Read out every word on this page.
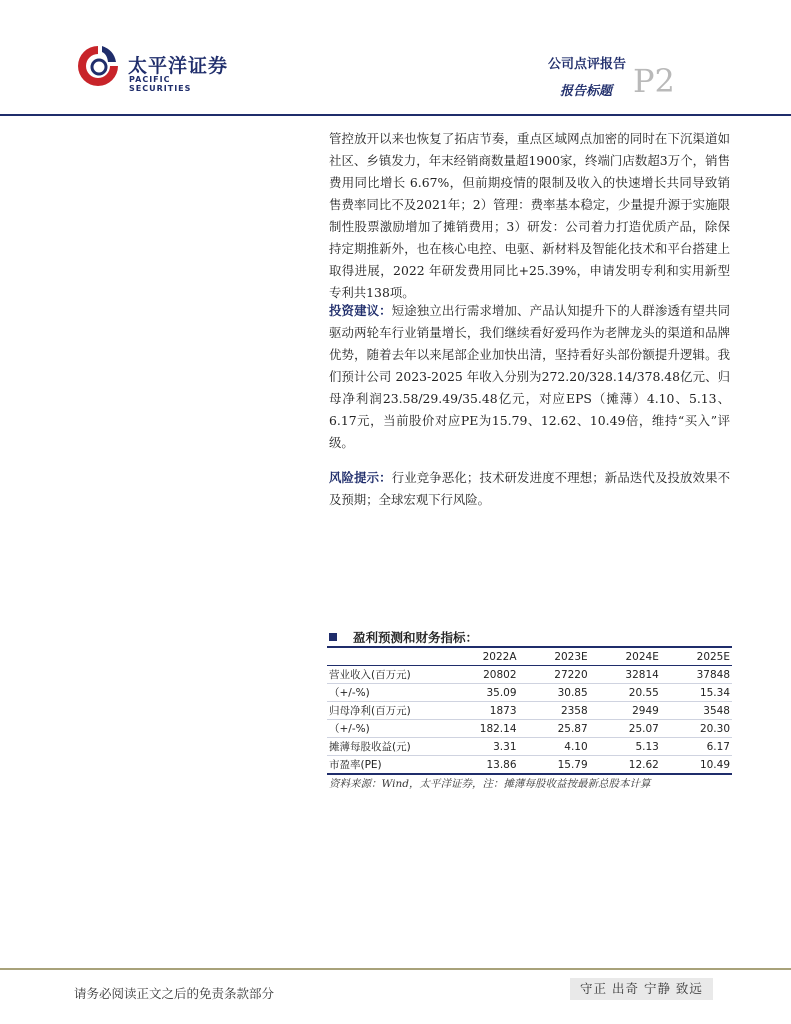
太平洋证券
PACIFIC SECURITIES
公司点评报告
报告标题 P2

管控放开以来也恢复了拓店节奏，重点区域网点加密的同时在下沉渠道如社区、乡镇发力，年末经销商数量超1900家，终端门店数超3万个，销售费用同比增长 6.67%，但前期疫情的限制及收入的快速增长共同导致销售费率同比不及2021年；2）管理：费率基本稳定，少量提升源于实施限制性股票激励增加了摊销费用；3）研发：公司着力打造优质产品，除保持定期推新外，也在核心电控、电驱、新材料及智能化技术和平台搭建上取得进展，2022 年研发费用同比+25.39%，申请发明专利和实用新型专利共138项。

投资建议：短途独立出行需求增加、产品认知提升下的人群渗透有望共同驱动两轮车行业销量增长，我们继续看好爱玛作为老牌龙头的渠道和品牌优势，随着去年以来尾部企业加快出清，坚持看好头部份额提升逻辑。我们预计公司 2023-2025 年收入分别为272.20/328.14/378.48亿元、归母净利润23.58/29.49/35.48亿元，对应EPS（摊薄）4.10、5.13、6.17元，当前股价对应PE为15.79、12.62、10.49倍，维持“买入”评级。

风险提示：行业竞争恶化；技术研发进度不理想；新品迭代及投放效果不及预期；全球宏观下行风险。

盈利预测和财务指标：
	2022A	2023E	2024E	2025E
营业收入(百万元)	20802	27220	32814	37848
（+/-%)	35.09	30.85	20.55	15.34
归母净利(百万元)	1873	2358	2949	3548
（+/-%)	182.14	25.87	25.07	20.30
摊薄每股收益(元)	3.31	4.10	5.13	6.17
市盈率(PE)	13.86	15.79	12.62	10.49
资料来源：Wind，太平洋证券，注：摊薄每股收益按最新总股本计算
请务必阅读正文之后的免责条款部分	守正 出奇 宁静 致远
